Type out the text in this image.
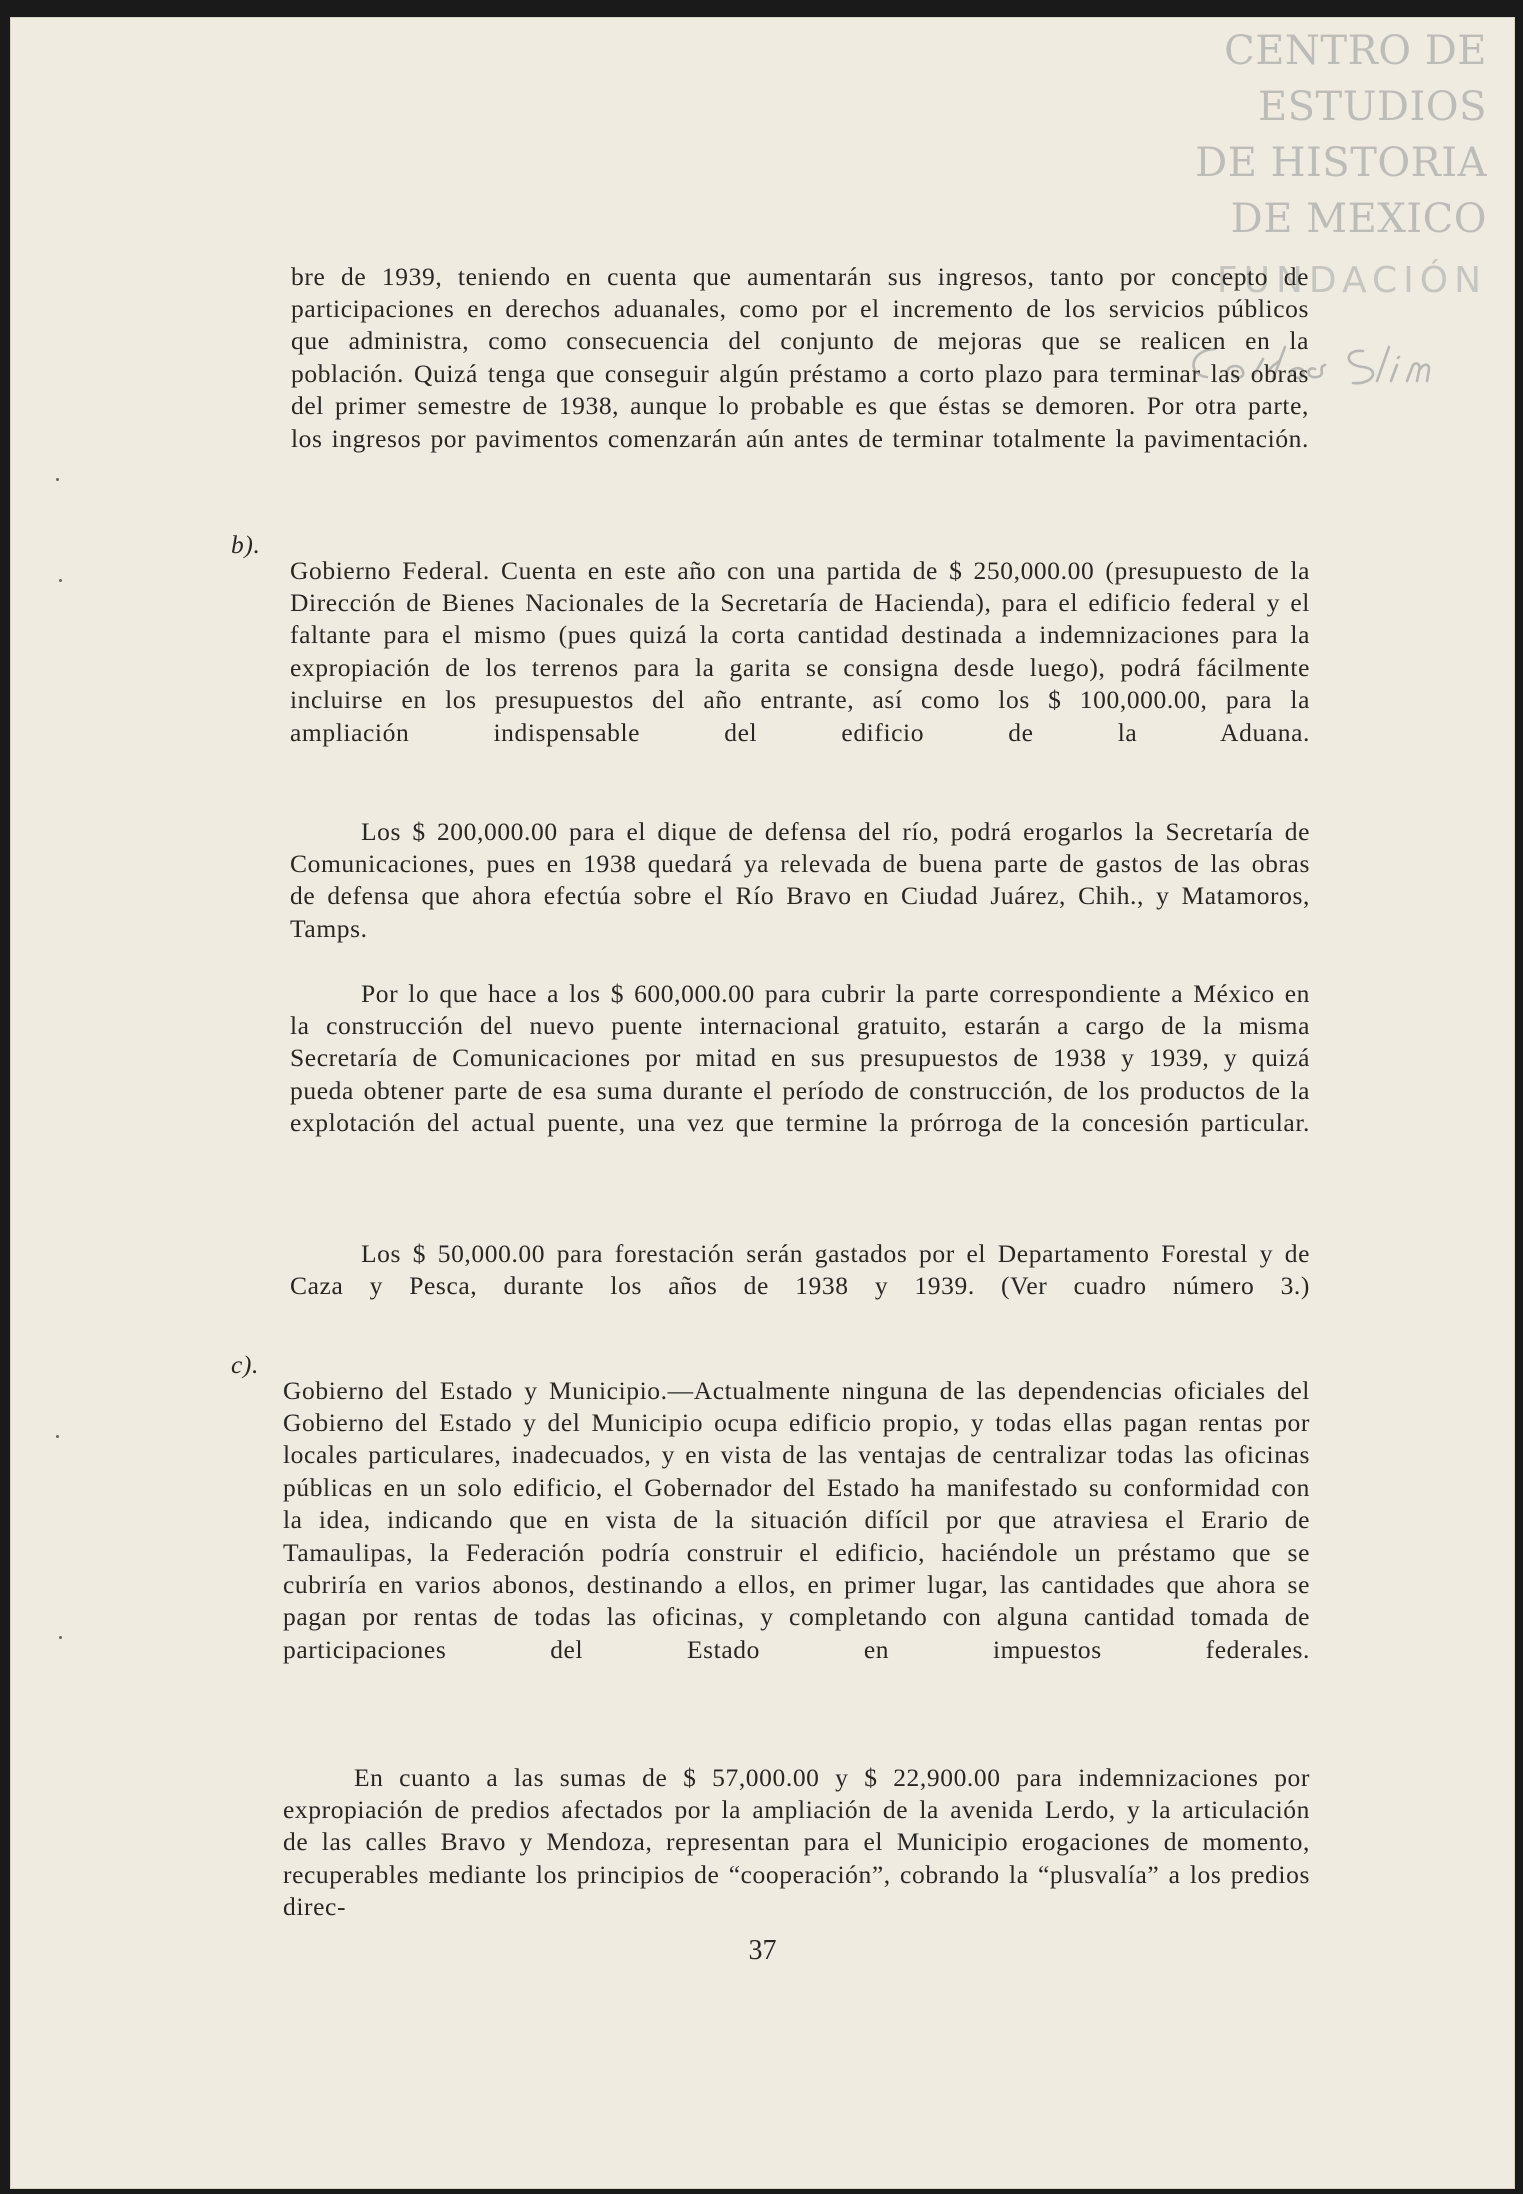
CENTRO DE
ESTUDIOS
DE HISTORIA
DE MEXICO
FUNDACIÓN

bre de 1939, teniendo en cuenta que aumentarán sus ingresos, tanto por concepto de participaciones en derechos aduanales, como por el incremento de los servicios públicos que administra, como consecuencia del conjunto de mejoras que se realicen en la población. Quizá tenga que conseguir algún préstamo a corto plazo para terminar las obras del primer semestre de 1938, aunque lo probable es que éstas se demoren. Por otra parte, los ingresos por pavimentos comenzarán aún antes de terminar totalmente la pavimentación.

b).

Gobierno Federal. Cuenta en este año con una partida de $ 250,000.00 (presupuesto de la Dirección de Bienes Nacionales de la Secretaría de Hacienda), para el edificio federal y el faltante para el mismo (pues quizá la corta cantidad destinada a indemnizaciones para la expropiación de los terrenos para la garita se consigna desde luego), podrá fácilmente incluirse en los presupuestos del año entrante, así como los $ 100,000.00, para la ampliación indispensable del edificio de la Aduana.

Los $ 200,000.00 para el dique de defensa del río, podrá erogarlos la Secretaría de Comunicaciones, pues en 1938 quedará ya relevada de buena parte de gastos de las obras de defensa que ahora efectúa sobre el Río Bravo en Ciudad Juárez, Chih., y Matamoros, Tamps.

Por lo que hace a los $ 600,000.00 para cubrir la parte correspondiente a México en la construcción del nuevo puente internacional gratuito, estarán a cargo de la misma Secretaría de Comunicaciones por mitad en sus presupuestos de 1938 y 1939, y quizá pueda obtener parte de esa suma durante el período de construcción, de los productos de la explotación del actual puente, una vez que termine la prórroga de la concesión particular.

Los $ 50,000.00 para forestación serán gastados por el Departamento Forestal y de Caza y Pesca, durante los años de 1938 y 1939. (Ver cuadro número 3.)

c).

Gobierno del Estado y Municipio.—Actualmente ninguna de las dependencias oficiales del Gobierno del Estado y del Municipio ocupa edificio propio, y todas ellas pagan rentas por locales particulares, inadecuados, y en vista de las ventajas de centralizar todas las oficinas públicas en un solo edificio, el Gobernador del Estado ha manifestado su conformidad con la idea, indicando que en vista de la situación difícil por que atraviesa el Erario de Tamaulipas, la Federación podría construir el edificio, haciéndole un préstamo que se cubriría en varios abonos, destinando a ellos, en primer lugar, las cantidades que ahora se pagan por rentas de todas las oficinas, y completando con alguna cantidad tomada de participaciones del Estado en impuestos federales.

En cuanto a las sumas de $ 57,000.00 y $ 22,900.00 para indemnizaciones por expropiación de predios afectados por la ampliación de la avenida Lerdo, y la articulación de las calles Bravo y Mendoza, representan para el Municipio erogaciones de momento, recuperables mediante los principios de “cooperación”, cobrando la “plusvalía” a los predios direc-

37
